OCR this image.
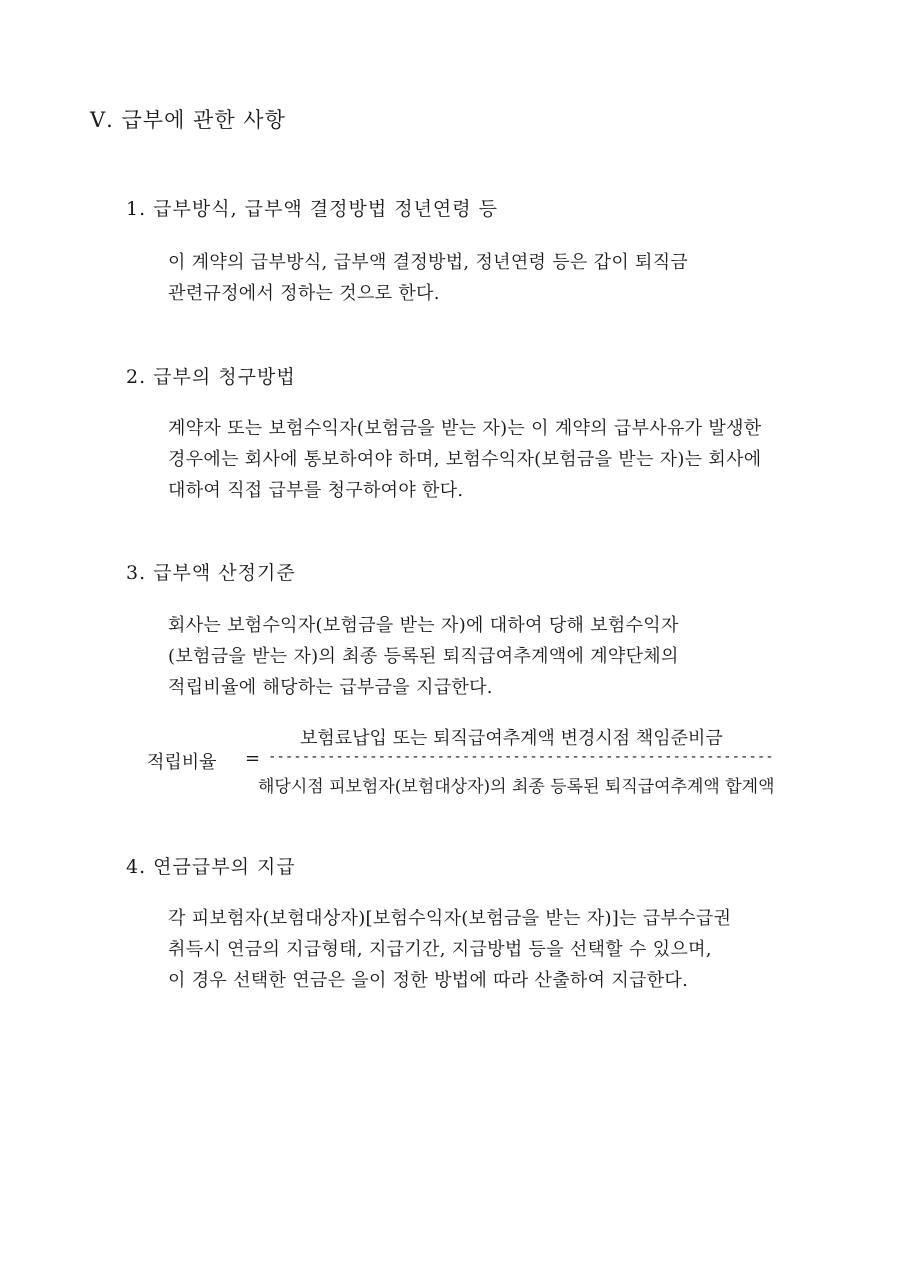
Ⅴ. 급부에 관한 사항
1. 급부방식, 급부액 결정방법 정년연령 등
이 계약의 급부방식, 급부액 결정방법, 정년연령 등은 갑이 퇴직금
관련규정에서 정하는 것으로 한다.
2. 급부의 청구방법
계약자 또는 보험수익자(보험금을 받는 자)는 이 계약의 급부사유가 발생한
경우에는 회사에 통보하여야 하며, 보험수익자(보험금을 받는 자)는 회사에
대하여 직접 급부를 청구하여야 한다.
3. 급부액 산정기준
회사는 보험수익자(보험금을 받는 자)에 대하여 당해 보험수익자
(보험금을 받는 자)의 최종 등록된 퇴직급여추계액에 계약단체의
적립비율에 해당하는 급부금을 지급한다.
적립비율 =
보험료납입 또는 퇴직급여추계액 변경시점 책임준비금
------------------------------------------------------------
해당시점 피보험자(보험대상자)의 최종 등록된 퇴직급여추계액 합계액
4. 연금급부의 지급
각 피보험자(보험대상자)[보험수익자(보험금을 받는 자)]는 급부수급권
취득시 연금의 지급형태, 지급기간, 지급방법 등을 선택할 수 있으며,
이 경우 선택한 연금은 을이 정한 방법에 따라 산출하여 지급한다.
